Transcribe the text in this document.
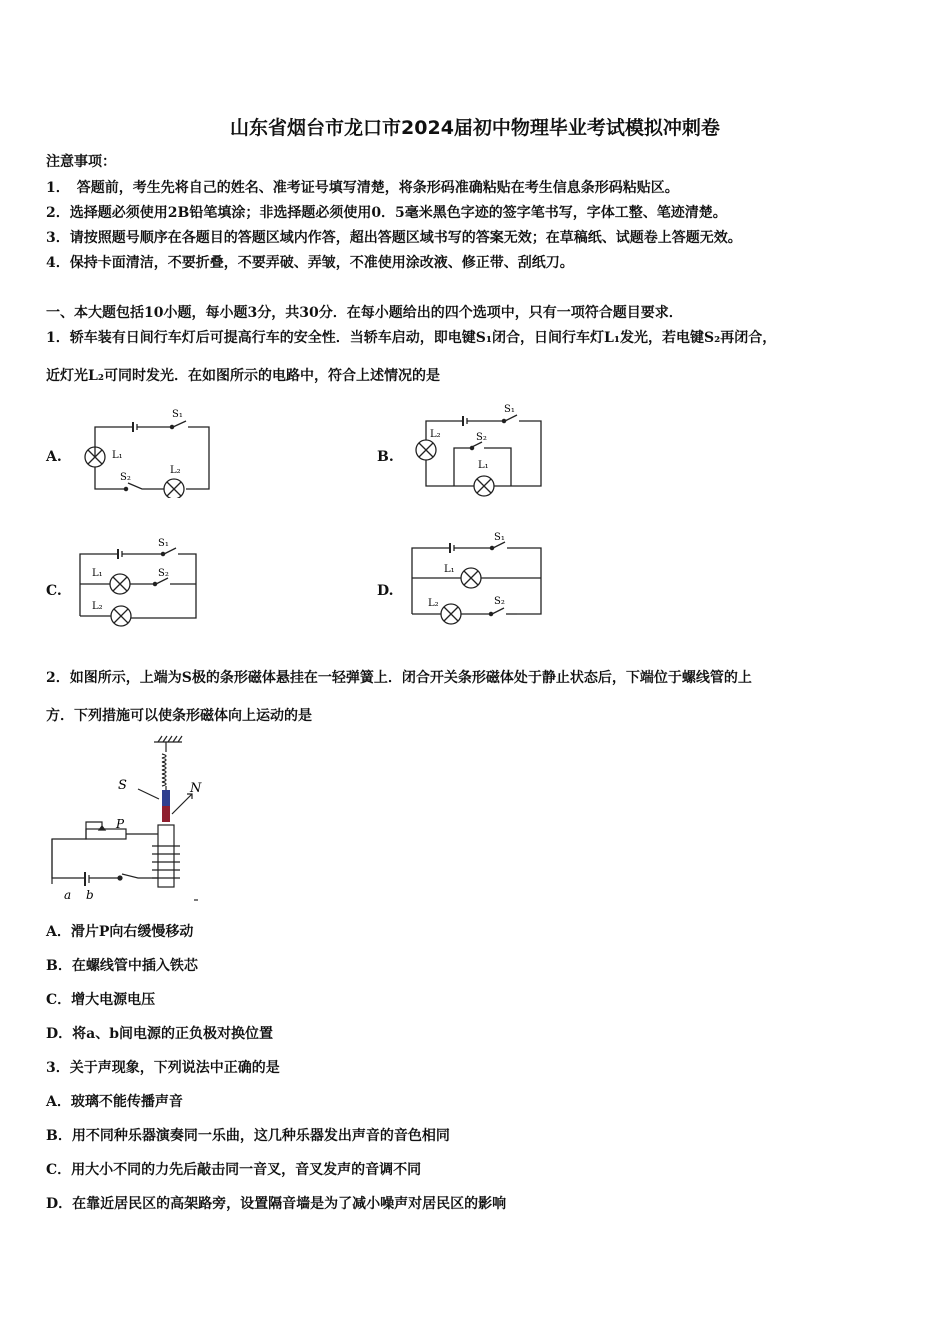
山东省烟台市龙口市2024届初中物理毕业考试模拟冲刺卷
注意事项：
1．　答题前，考生先将自己的姓名、准考证号填写清楚，将条形码准确粘贴在考生信息条形码粘贴区。
2．选择题必须使用2B铅笔填涂；非选择题必须使用0．5毫米黑色字迹的签字笔书写，字体工整、笔迹清楚。
3．请按照题号顺序在各题目的答题区域内作答，超出答题区域书写的答案无效；在草稿纸、试题卷上答题无效。
4．保持卡面清洁，不要折叠，不要弄破、弄皱，不准使用涂改液、修正带、刮纸刀。
一、本大题包括10小题，每小题3分，共30分．在每小题给出的四个选项中，只有一项符合题目要求．
1．轿车装有日间行车灯后可提高行车的安全性．当轿车启动，即电键S₁闭合，日间行车灯L₁发光，若电键S₂再闭合，
近灯光L₂可同时发光．在如图所示的电路中，符合上述情况的是
A.
S₁
L₁
S₂
L₂
B.
S₁
L₂	S₂
L₁
C.
S₁
L₁	S₂
L₂
D.
S₁
L₁
L₂	S₂
2．如图所示，上端为S极的条形磁体悬挂在一轻弹簧上．闭合开关条形磁体处于静止状态后，下端位于螺线管的上
方．下列措施可以使条形磁体向上运动的是
S	N
P
a b
A．滑片P向右缓慢移动
B．在螺线管中插入铁芯
C．增大电源电压
D．将a、b间电源的正负极对换位置
3．关于声现象，下列说法中正确的是
A．玻璃不能传播声音
B．用不同种乐器演奏同一乐曲，这几种乐器发出声音的音色相同
C．用大小不同的力先后敲击同一音叉，音叉发声的音调不同
D．在靠近居民区的高架路旁，设置隔音墙是为了减小噪声对居民区的影响
